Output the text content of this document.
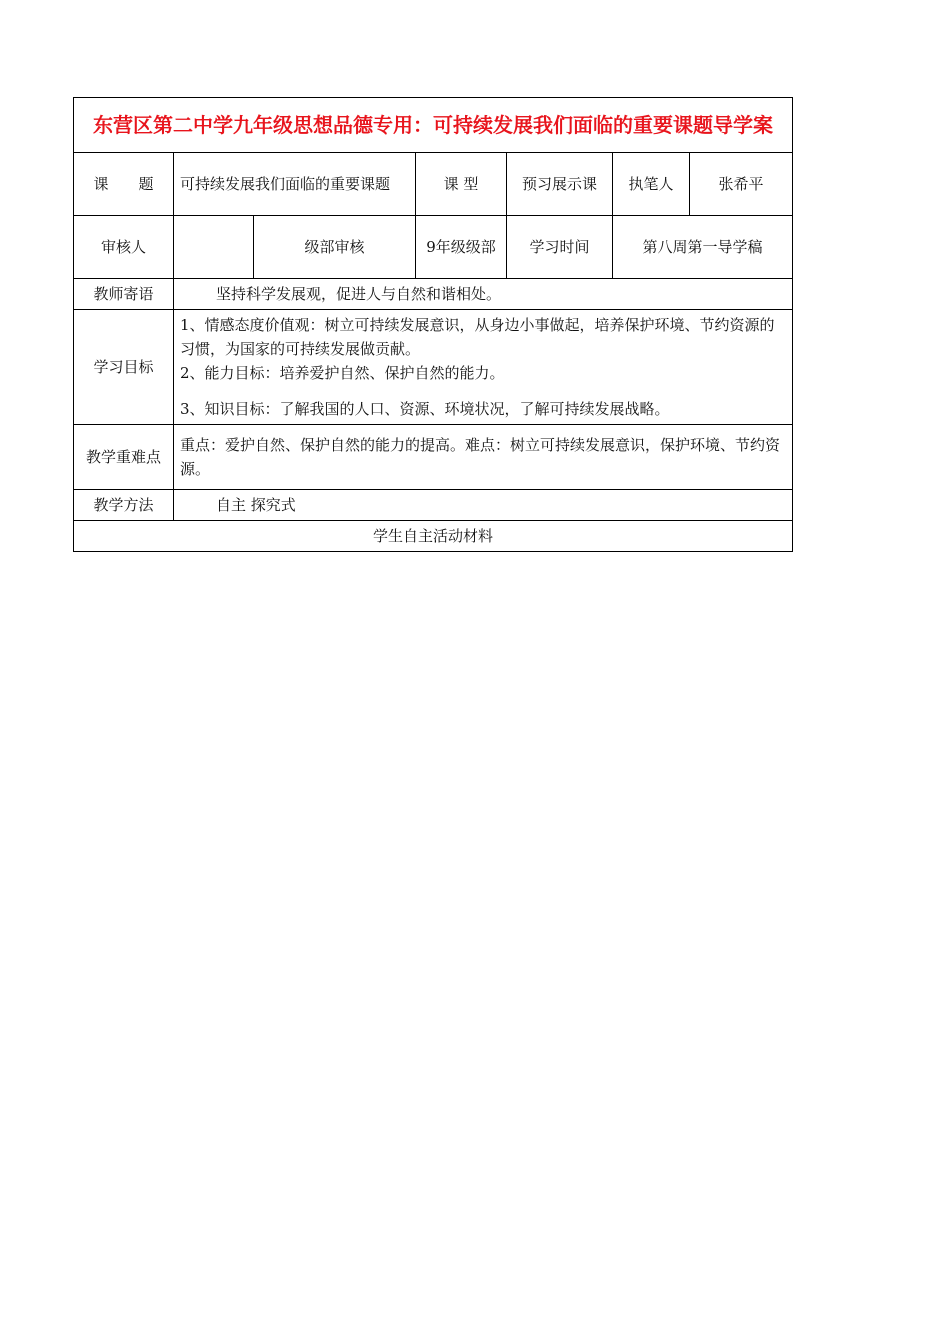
东营区第二中学九年级思想品德专用：可持续发展我们面临的重要课题导学案						
课　　题	可持续发展我们面临的重要课题		课 型	预习展示课	执笔人	张希平
审核人		级部审核	9年级级部	学习时间	第八周第一导学稿	
教师寄语	坚持科学发展观，促进人与自然和谐相处。					
学习目标	1、情感态度价值观：树立可持续发展意识，从身边小事做起，培养保护环境、节约资源的习惯，为国家的可持续发展做贡献。

2、能力目标：培养爱护自然、保护自然的能力。

3、知识目标：了解我国的人口、资源、环境状况，了解可持续发展战略。					

教学重难点	重点：爱护自然、保护自然的能力的提高。难点：树立可持续发展意识，保护环境、节约资源。					
教学方法	自主 探究式					
学生自主活动材料						
